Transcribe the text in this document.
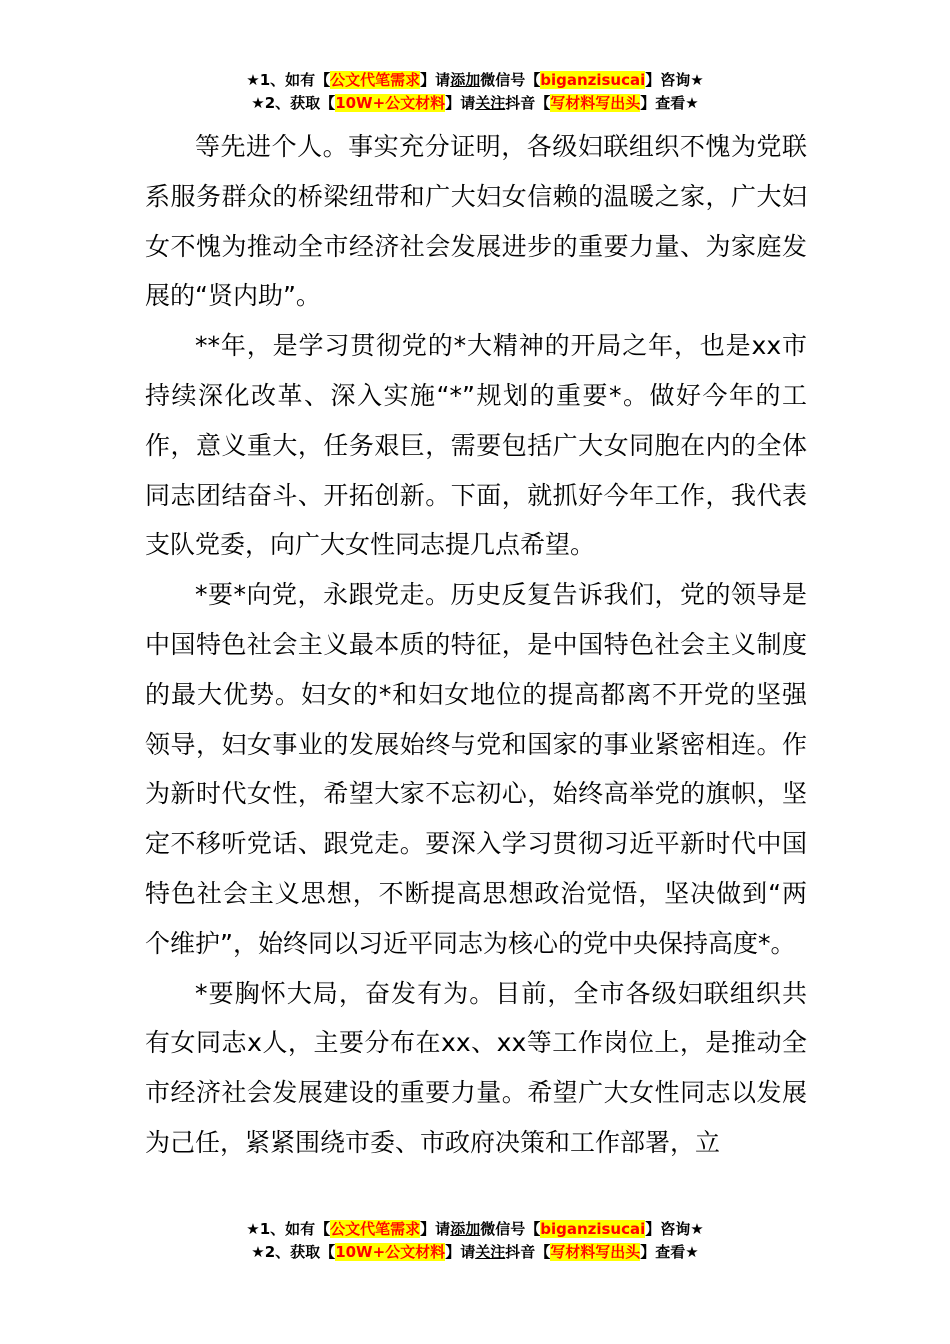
★1、如有【公文代笔需求】请添加微信号【biganzisucai】咨询★
★2、获取【10W+公文材料】请关注抖音【写材料写出头】查看★

等先进个人。事实充分证明，各级妇联组织不愧为党联系服务群众的桥梁纽带和广大妇女信赖的温暖之家，广大妇女不愧为推动全市经济社会发展进步的重要力量、为家庭发展的“贤内助”。

**年，是学习贯彻党的*大精神的开局之年，也是xx市持续深化改革、深入实施“*”规划的重要*。做好今年的工作，意义重大，任务艰巨，需要包括广大女同胞在内的全体同志团结奋斗、开拓创新。下面，就抓好今年工作，我代表支队党委，向广大女性同志提几点希望。

*要*向党，永跟党走。历史反复告诉我们，党的领导是中国特色社会主义最本质的特征，是中国特色社会主义制度的最大优势。妇女的*和妇女地位的提高都离不开党的坚强领导，妇女事业的发展始终与党和国家的事业紧密相连。作为新时代女性，希望大家不忘初心，始终高举党的旗帜，坚定不移听党话、跟党走。要深入学习贯彻习近平新时代中国特色社会主义思想，不断提高思想政治觉悟，坚决做到“两个维护”，始终同以习近平同志为核心的党中央保持高度*。

*要胸怀大局，奋发有为。目前，全市各级妇联组织共有女同志x人，主要分布在xx、xx等工作岗位上，是推动全市经济社会发展建设的重要力量。希望广大女性同志以发展为己任，紧紧围绕市委、市政府决策和工作部署，立

★1、如有【公文代笔需求】请添加微信号【biganzisucai】咨询★
★2、获取【10W+公文材料】请关注抖音【写材料写出头】查看★
